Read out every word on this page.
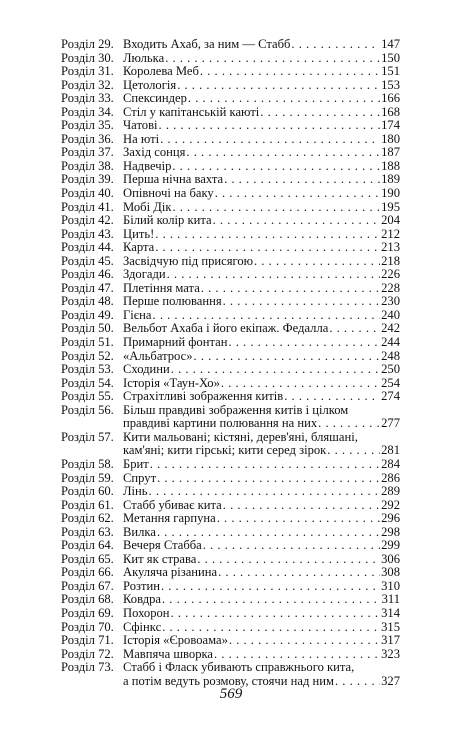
Розділ 29. Входить Ахаб, за ним — Стабб . . .	147
Розділ 30. Люлька . . .	150
Розділ 31. Королева Меб . . .	151
Розділ 32. Цетологія . . .	153
Розділ 33. Спексиндер . . .	166
Розділ 34. Стіл у капітанській каюті . . .	168
Розділ 35. Чатові . . .	174
Розділ 36. На юті . . .	180
Розділ 37. Захід сонця . . .	187
Розділ 38. Надвечір . . .	188
Розділ 39. Перша нічна вахта . . .	189
Розділ 40. Опівночі на баку . . .	190
Розділ 41. Мобі Дік . . .	195
Розділ 42. Білий колір кита . . .	204
Розділ 43. Цить! . . .	212
Розділ 44. Карта . . .	213
Розділ 45. Засвідчую під присягою . . .	218
Розділ 46. Здогади . . .	226
Розділ 47. Плетіння мата . . .	228
Розділ 48. Перше полювання . . .	230
Розділ 49. Гієна . . .	240
Розділ 50. Вельбот Ахаба і його екіпаж. Федалла . . .	242
Розділ 51. Примарний фонтан . . .	244
Розділ 52. «Альбатрос» . . .	248
Розділ 53. Сходини . . .	250
Розділ 54. Історія «Таун-Хо» . . .	254
Розділ 55. Страхітливі зображення китів . . .	274
Розділ 56. Більш правдиві зображення китів і цілком
правдиві картини полювання на них . . .	277
Розділ 57. Кити мальовані; кістяні, дерев'яні, бляшані,
кам'яні; кити гірські; кити серед зірок . . .	281
Розділ 58. Брит . . .	284
Розділ 59. Спрут . . .	286
Розділ 60. Лінь . . .	289
Розділ 61. Стабб убиває кита . . .	292
Розділ 62. Метання гарпуна . . .	296
Розділ 63. Вилка . . .	298
Розділ 64. Вечеря Стабба . . .	299
Розділ 65. Кит як страва . . .	306
Розділ 66. Акуляча різанина . . .	308
Розділ 67. Розтин . . .	310
Розділ 68. Ковдра . . .	311
Розділ 69. Похорон . . .	314
Розділ 70. Сфінкс . . .	315
Розділ 71. Історія «Єровоама» . . .	317
Розділ 72. Мавпяча шворка . . .	323
Розділ 73. Стабб і Фласк убивають справжнього кита,
а потім ведуть розмову, стоячи над ним . . .	327
569
